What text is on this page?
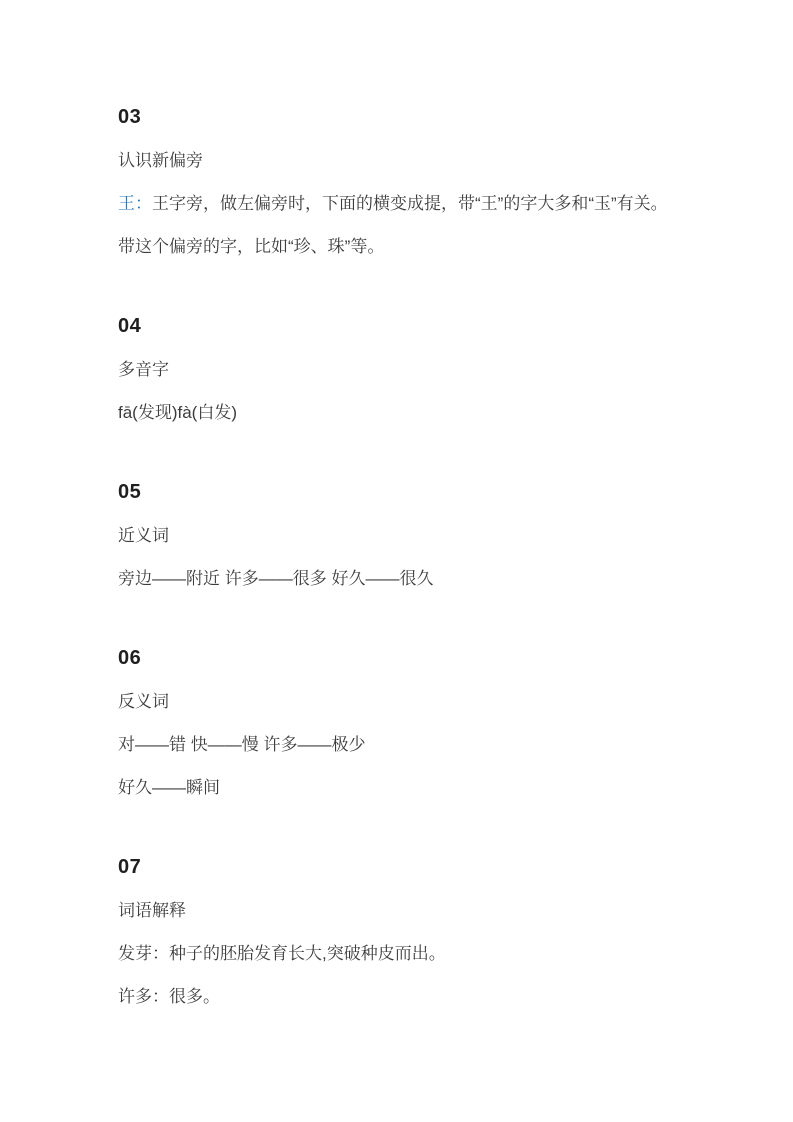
03
认识新偏旁

王：王字旁，做左偏旁时，下面的横变成提，带“王”的字大多和“玉”有关。带这个偏旁的字，比如“珍、珠”等。

04
多音字

fā(发现)fà(白发)

05
近义词

旁边——附近 许多——很多 好久——很久

06
反义词

对——错 快——慢 许多——极少

好久——瞬间

07
词语解释

发芽：种子的胚胎发育长大,突破种皮而出。

许多：很多。
